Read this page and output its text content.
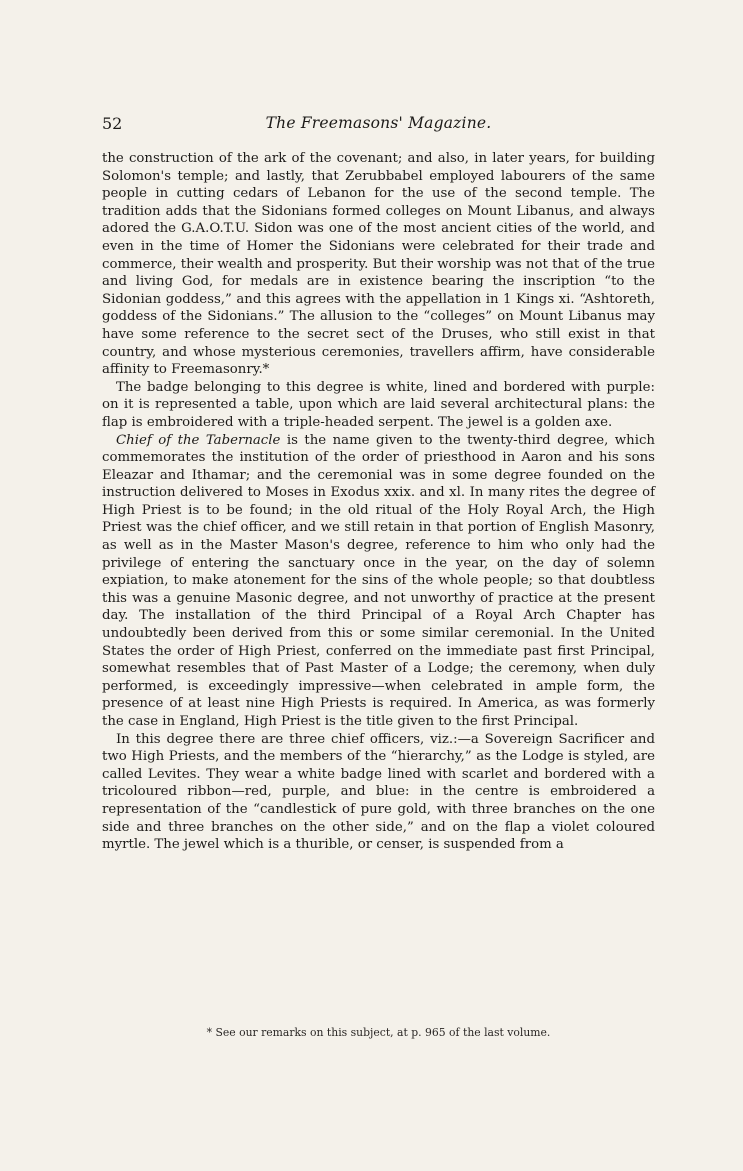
52	The Freemasons' Magazine.

the construction of the ark of the covenant; and also, in later years, for building Solomon's temple; and lastly, that Zerubbabel employed labourers of the same people in cutting cedars of Lebanon for the use of the second temple. The tradition adds that the Sidonians formed colleges on Mount Libanus, and always adored the G.A.O.T.U. Sidon was one of the most ancient cities of the world, and even in the time of Homer the Sidonians were celebrated for their trade and commerce, their wealth and prosperity. But their worship was not that of the true and living God, for medals are in existence bearing the inscription “to the Sidonian goddess,” and this agrees with the appellation in 1 Kings xi. “Ashtoreth, goddess of the Sidonians.” The allusion to the “colleges” on Mount Libanus may have some reference to the secret sect of the Druses, who still exist in that country, and whose mysterious ceremonies, travellers affirm, have considerable affinity to Freemasonry.*

The badge belonging to this degree is white, lined and bordered with purple: on it is represented a table, upon which are laid several architectural plans: the flap is embroidered with a triple-headed serpent. The jewel is a golden axe.

Chief of the Tabernacle is the name given to the twenty-third degree, which commemorates the institution of the order of priesthood in Aaron and his sons Eleazar and Ithamar; and the ceremonial was in some degree founded on the instruction delivered to Moses in Exodus xxix. and xl. In many rites the degree of High Priest is to be found; in the old ritual of the Holy Royal Arch, the High Priest was the chief officer, and we still retain in that portion of English Masonry, as well as in the Master Mason's degree, reference to him who only had the privilege of entering the sanctuary once in the year, on the day of solemn expiation, to make atonement for the sins of the whole people; so that doubtless this was a genuine Masonic degree, and not unworthy of practice at the present day. The installation of the third Principal of a Royal Arch Chapter has undoubtedly been derived from this or some similar ceremonial. In the United States the order of High Priest, conferred on the immediate past first Principal, somewhat resembles that of Past Master of a Lodge; the ceremony, when duly performed, is exceedingly impressive—when celebrated in ample form, the presence of at least nine High Priests is required. In America, as was formerly the case in England, High Priest is the title given to the first Principal.

In this degree there are three chief officers, viz.:—a Sovereign Sacrificer and two High Priests, and the members of the “hierarchy,” as the Lodge is styled, are called Levites. They wear a white badge lined with scarlet and bordered with a tricoloured ribbon—red, purple, and blue: in the centre is embroidered a representation of the “candlestick of pure gold, with three branches on the one side and three branches on the other side,” and on the flap a violet coloured myrtle. The jewel which is a thurible, or censer, is suspended from a

* See our remarks on this subject, at p. 965 of the last volume.
